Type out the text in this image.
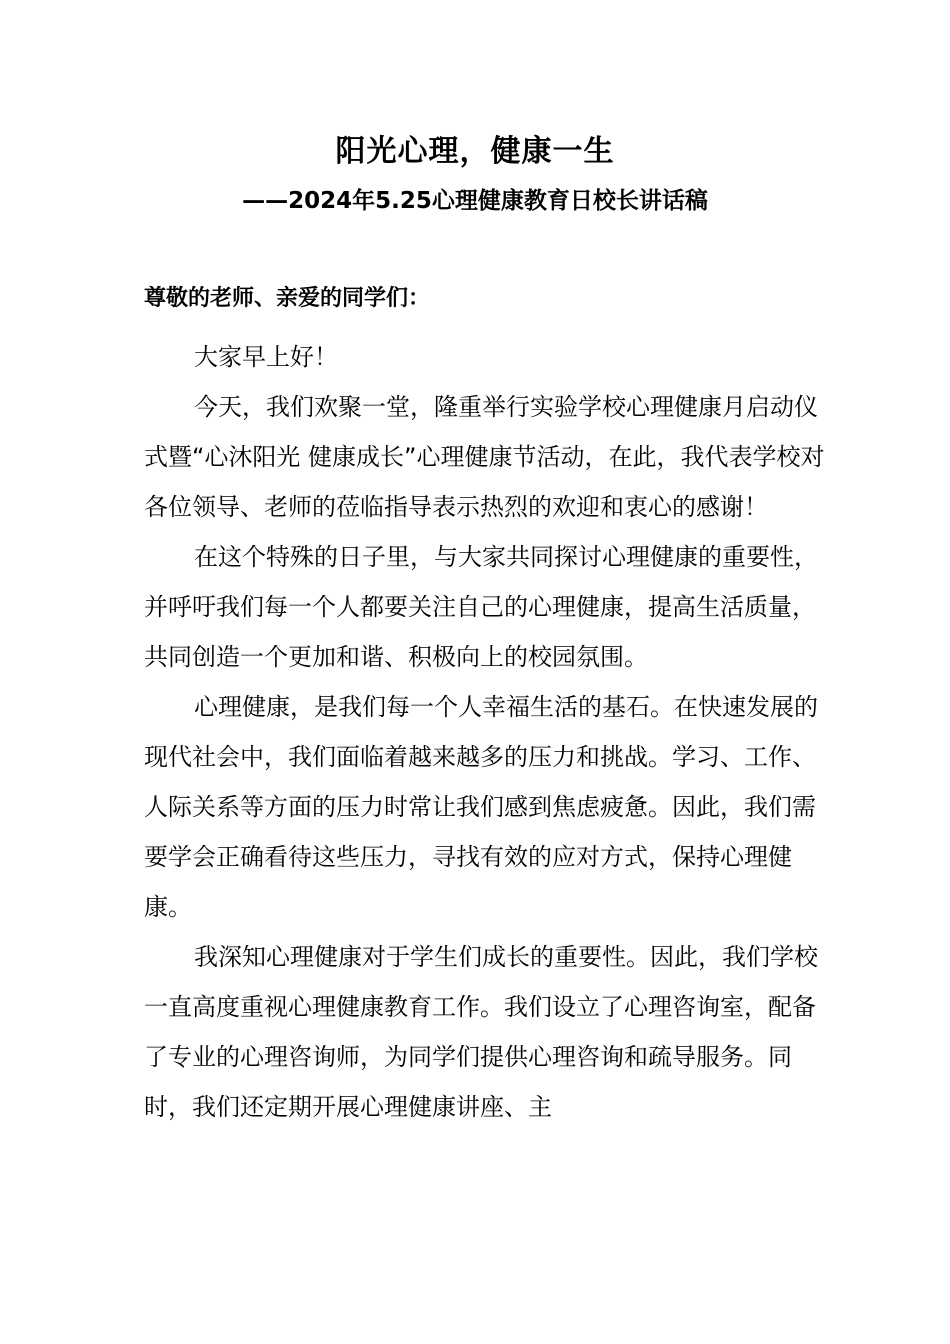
阳光心理，健康一生
——2024年5.25心理健康教育日校长讲话稿
尊敬的老师、亲爱的同学们：

大家早上好！

今天，我们欢聚一堂，隆重举行实验学校心理健康月启动仪式暨“心沐阳光 健康成长”心理健康节活动，在此，我代表学校对各位领导、老师的莅临指导表示热烈的欢迎和衷心的感谢！

在这个特殊的日子里，与大家共同探讨心理健康的重要性，并呼吁我们每一个人都要关注自己的心理健康，提高生活质量，共同创造一个更加和谐、积极向上的校园氛围。

心理健康，是我们每一个人幸福生活的基石。在快速发展的现代社会中，我们面临着越来越多的压力和挑战。学习、工作、人际关系等方面的压力时常让我们感到焦虑疲惫。因此，我们需要学会正确看待这些压力，寻找有效的应对方式，保持心理健康。

我深知心理健康对于学生们成长的重要性。因此，我们学校一直高度重视心理健康教育工作。我们设立了心理咨询室，配备了专业的心理咨询师，为同学们提供心理咨询和疏导服务。同时，我们还定期开展心理健康讲座、主
